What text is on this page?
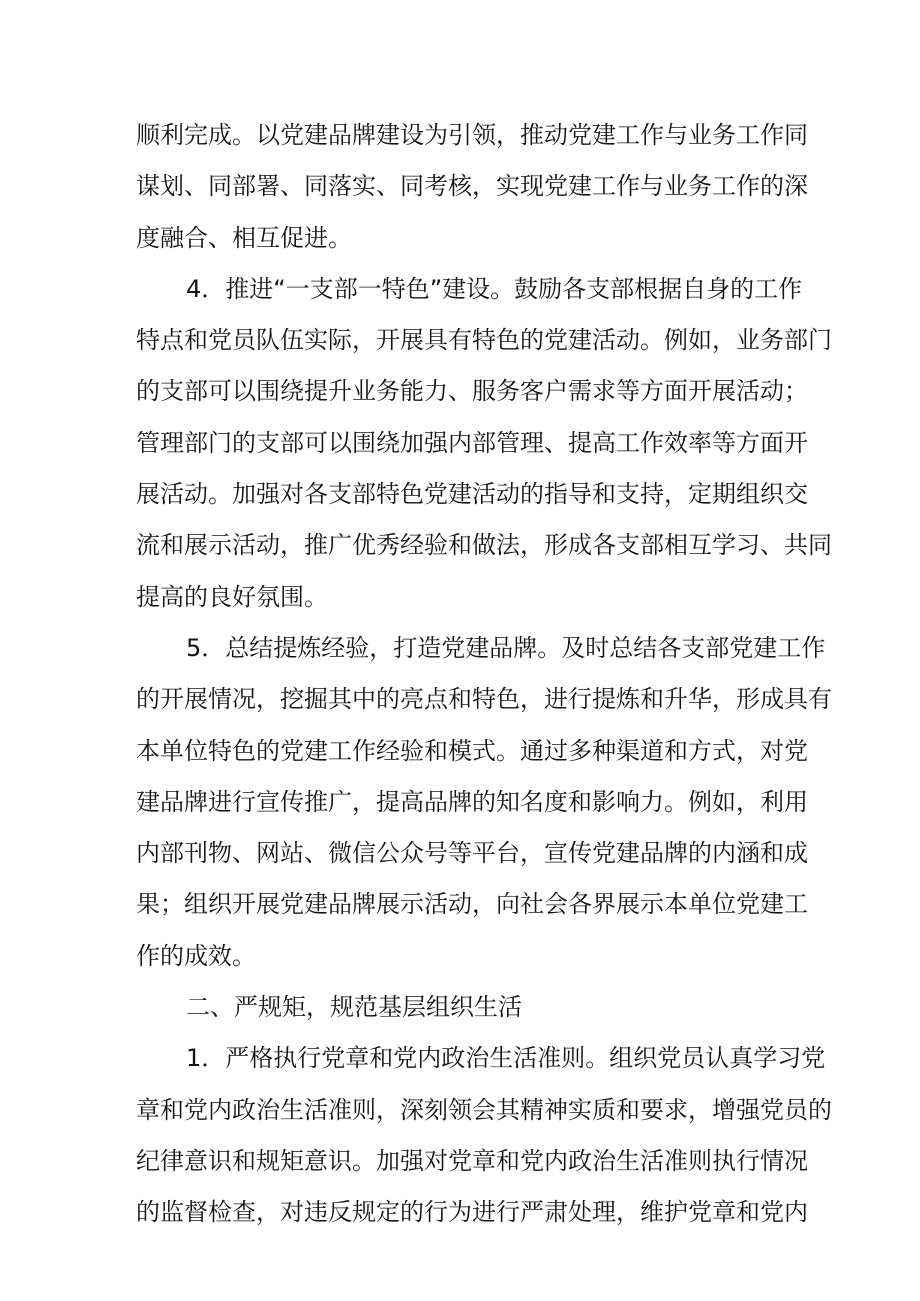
顺利完成。以党建品牌建设为引领，推动党建工作与业务工作同
谋划、同部署、同落实、同考核，实现党建工作与业务工作的深
度融合、相互促进。
4．推进“一支部一特色”建设。鼓励各支部根据自身的工作
特点和党员队伍实际，开展具有特色的党建活动。例如，业务部门
的支部可以围绕提升业务能力、服务客户需求等方面开展活动；
管理部门的支部可以围绕加强内部管理、提高工作效率等方面开
展活动。加强对各支部特色党建活动的指导和支持，定期组织交
流和展示活动，推广优秀经验和做法，形成各支部相互学习、共同
提高的良好氛围。
5．总结提炼经验，打造党建品牌。及时总结各支部党建工作
的开展情况，挖掘其中的亮点和特色，进行提炼和升华，形成具有
本单位特色的党建工作经验和模式。通过多种渠道和方式，对党
建品牌进行宣传推广，提高品牌的知名度和影响力。例如，利用
内部刊物、网站、微信公众号等平台，宣传党建品牌的内涵和成
果；组织开展党建品牌展示活动，向社会各界展示本单位党建工
作的成效。
二、严规矩，规范基层组织生活
1．严格执行党章和党内政治生活准则。组织党员认真学习党
章和党内政治生活准则，深刻领会其精神实质和要求，增强党员的
纪律意识和规矩意识。加强对党章和党内政治生活准则执行情况
的监督检查，对违反规定的行为进行严肃处理，维护党章和党内
